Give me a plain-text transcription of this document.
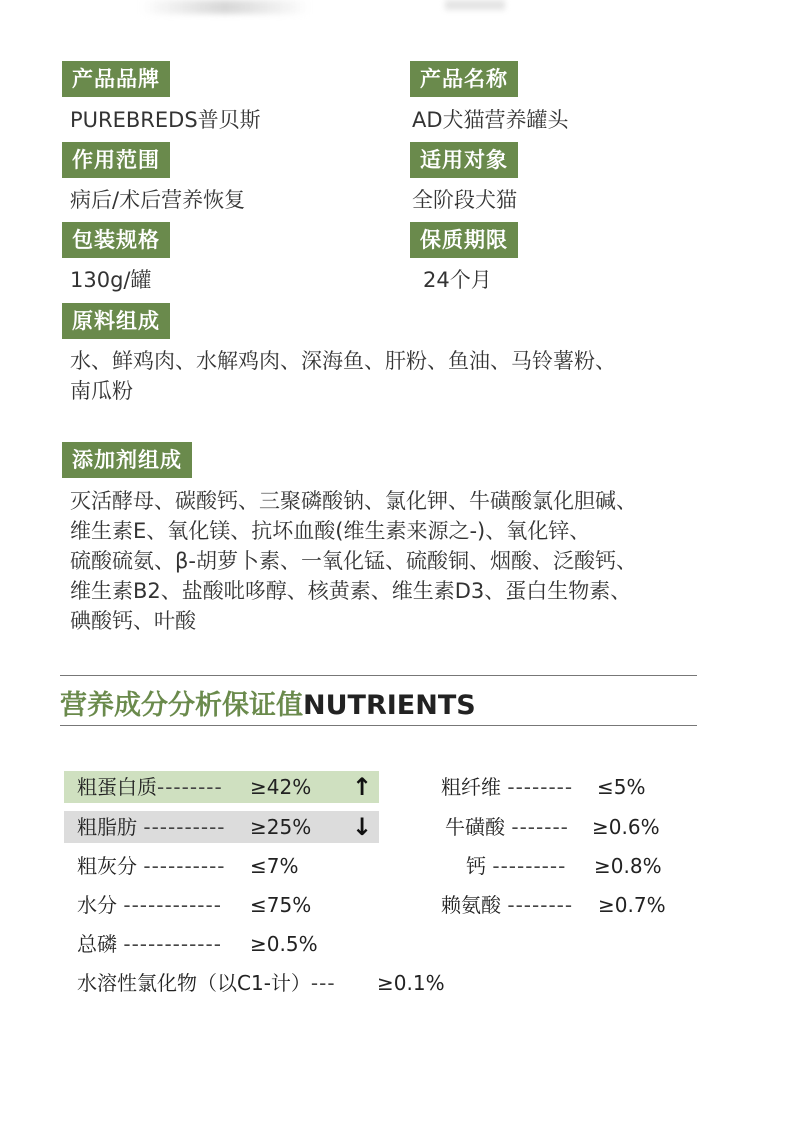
产品品牌
PUREBREDS普贝斯
产品名称
AD犬猫营养罐头
作用范围
病后/术后营养恢复
适用对象
全阶段犬猫
包装规格
130g/罐
保质期限
24个月
原料组成
水、鲜鸡肉、水解鸡肉、深海鱼、肝粉、鱼油、马铃薯粉、
南瓜粉
添加剂组成
灭活酵母、碳酸钙、三聚磷酸钠、氯化钾、牛磺酸氯化胆碱、
维生素E、氧化镁、抗坏血酸(维生素来源之-)、氧化锌、
硫酸硫氨、β-胡萝卜素、一氧化锰、硫酸铜、烟酸、泛酸钙、
维生素B2、盐酸吡哆醇、核黄素、维生素D3、蛋白生物素、
碘酸钙、叶酸
营养成分分析保证值NUTRIENTS
粗蛋白质-------- ≥42% ↑
粗脂肪 ---------- ≥25% ↓
粗灰分 ---------- ≤7%
水分 ------------ ≤75%
总磷 ------------ ≥0.5%
水溶性氯化物（以C1-计）--- ≥0.1%
粗纤维 -------- ≤5%
牛磺酸 ------- ≥0.6%
钙 --------- ≥0.8%
赖氨酸 -------- ≥0.7%
